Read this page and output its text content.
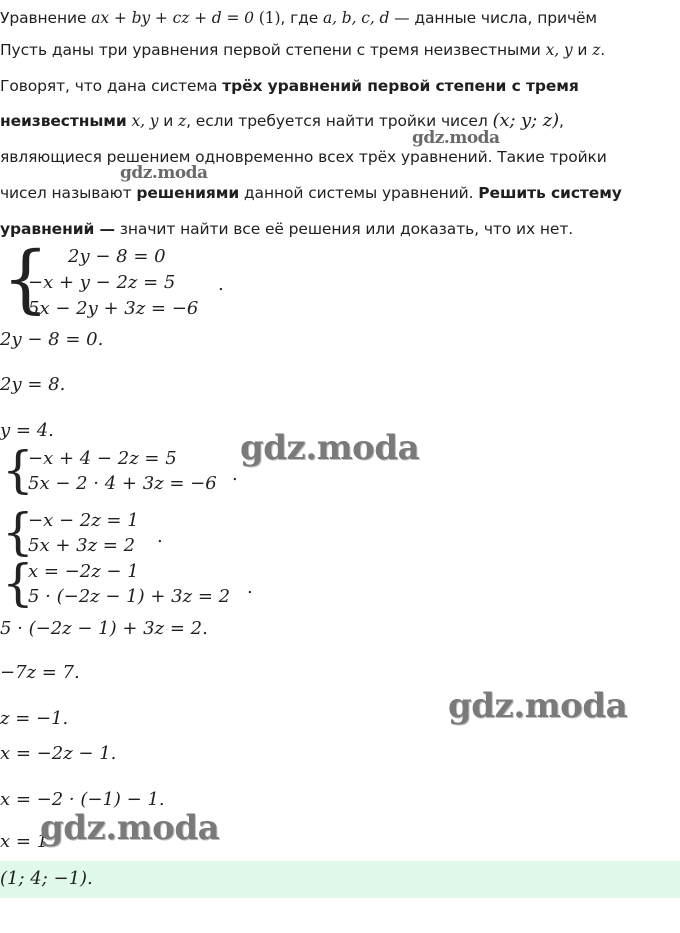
Уравнение ax + by + cz + d = 0 (1), где a, b, c, d — данные числа, причём
Пусть даны три уравнения первой степени с тремя неизвестными x, y и z.
Говорят, что дана система трёх уравнений первой степени с тремя
неизвестными x, y и z, если требуется найти тройки чисел (x; y; z),
являющиеся решением одновременно всех трёх уравнений. Такие тройки
чисел называют решениями данной системы уравнений. Решить систему
уравнений — значит найти все её решения или доказать, что их нет.
{ 2y − 8 = 0
−x + y − 2z = 5
5x − 2y + 3z = −6
.
2y − 8 = 0.
2y = 8.
y = 4.
{
−x + 4 − 2z = 5
5x − 2 · 4 + 3z = −6 .
{
−x − 2z = 1
5x + 3z = 2 .
{
x = −2z − 1
5 · (−2z − 1) + 3z = 2 .
5 · (−2z − 1) + 3z = 2.
−7z = 7.
z = −1.
x = −2z − 1.
x = −2 · (−1) − 1.
x = 1.
(1; 4; −1).
gdz.moda
gdz.moda
gdz.moda
gdz.moda
gdz.moda
